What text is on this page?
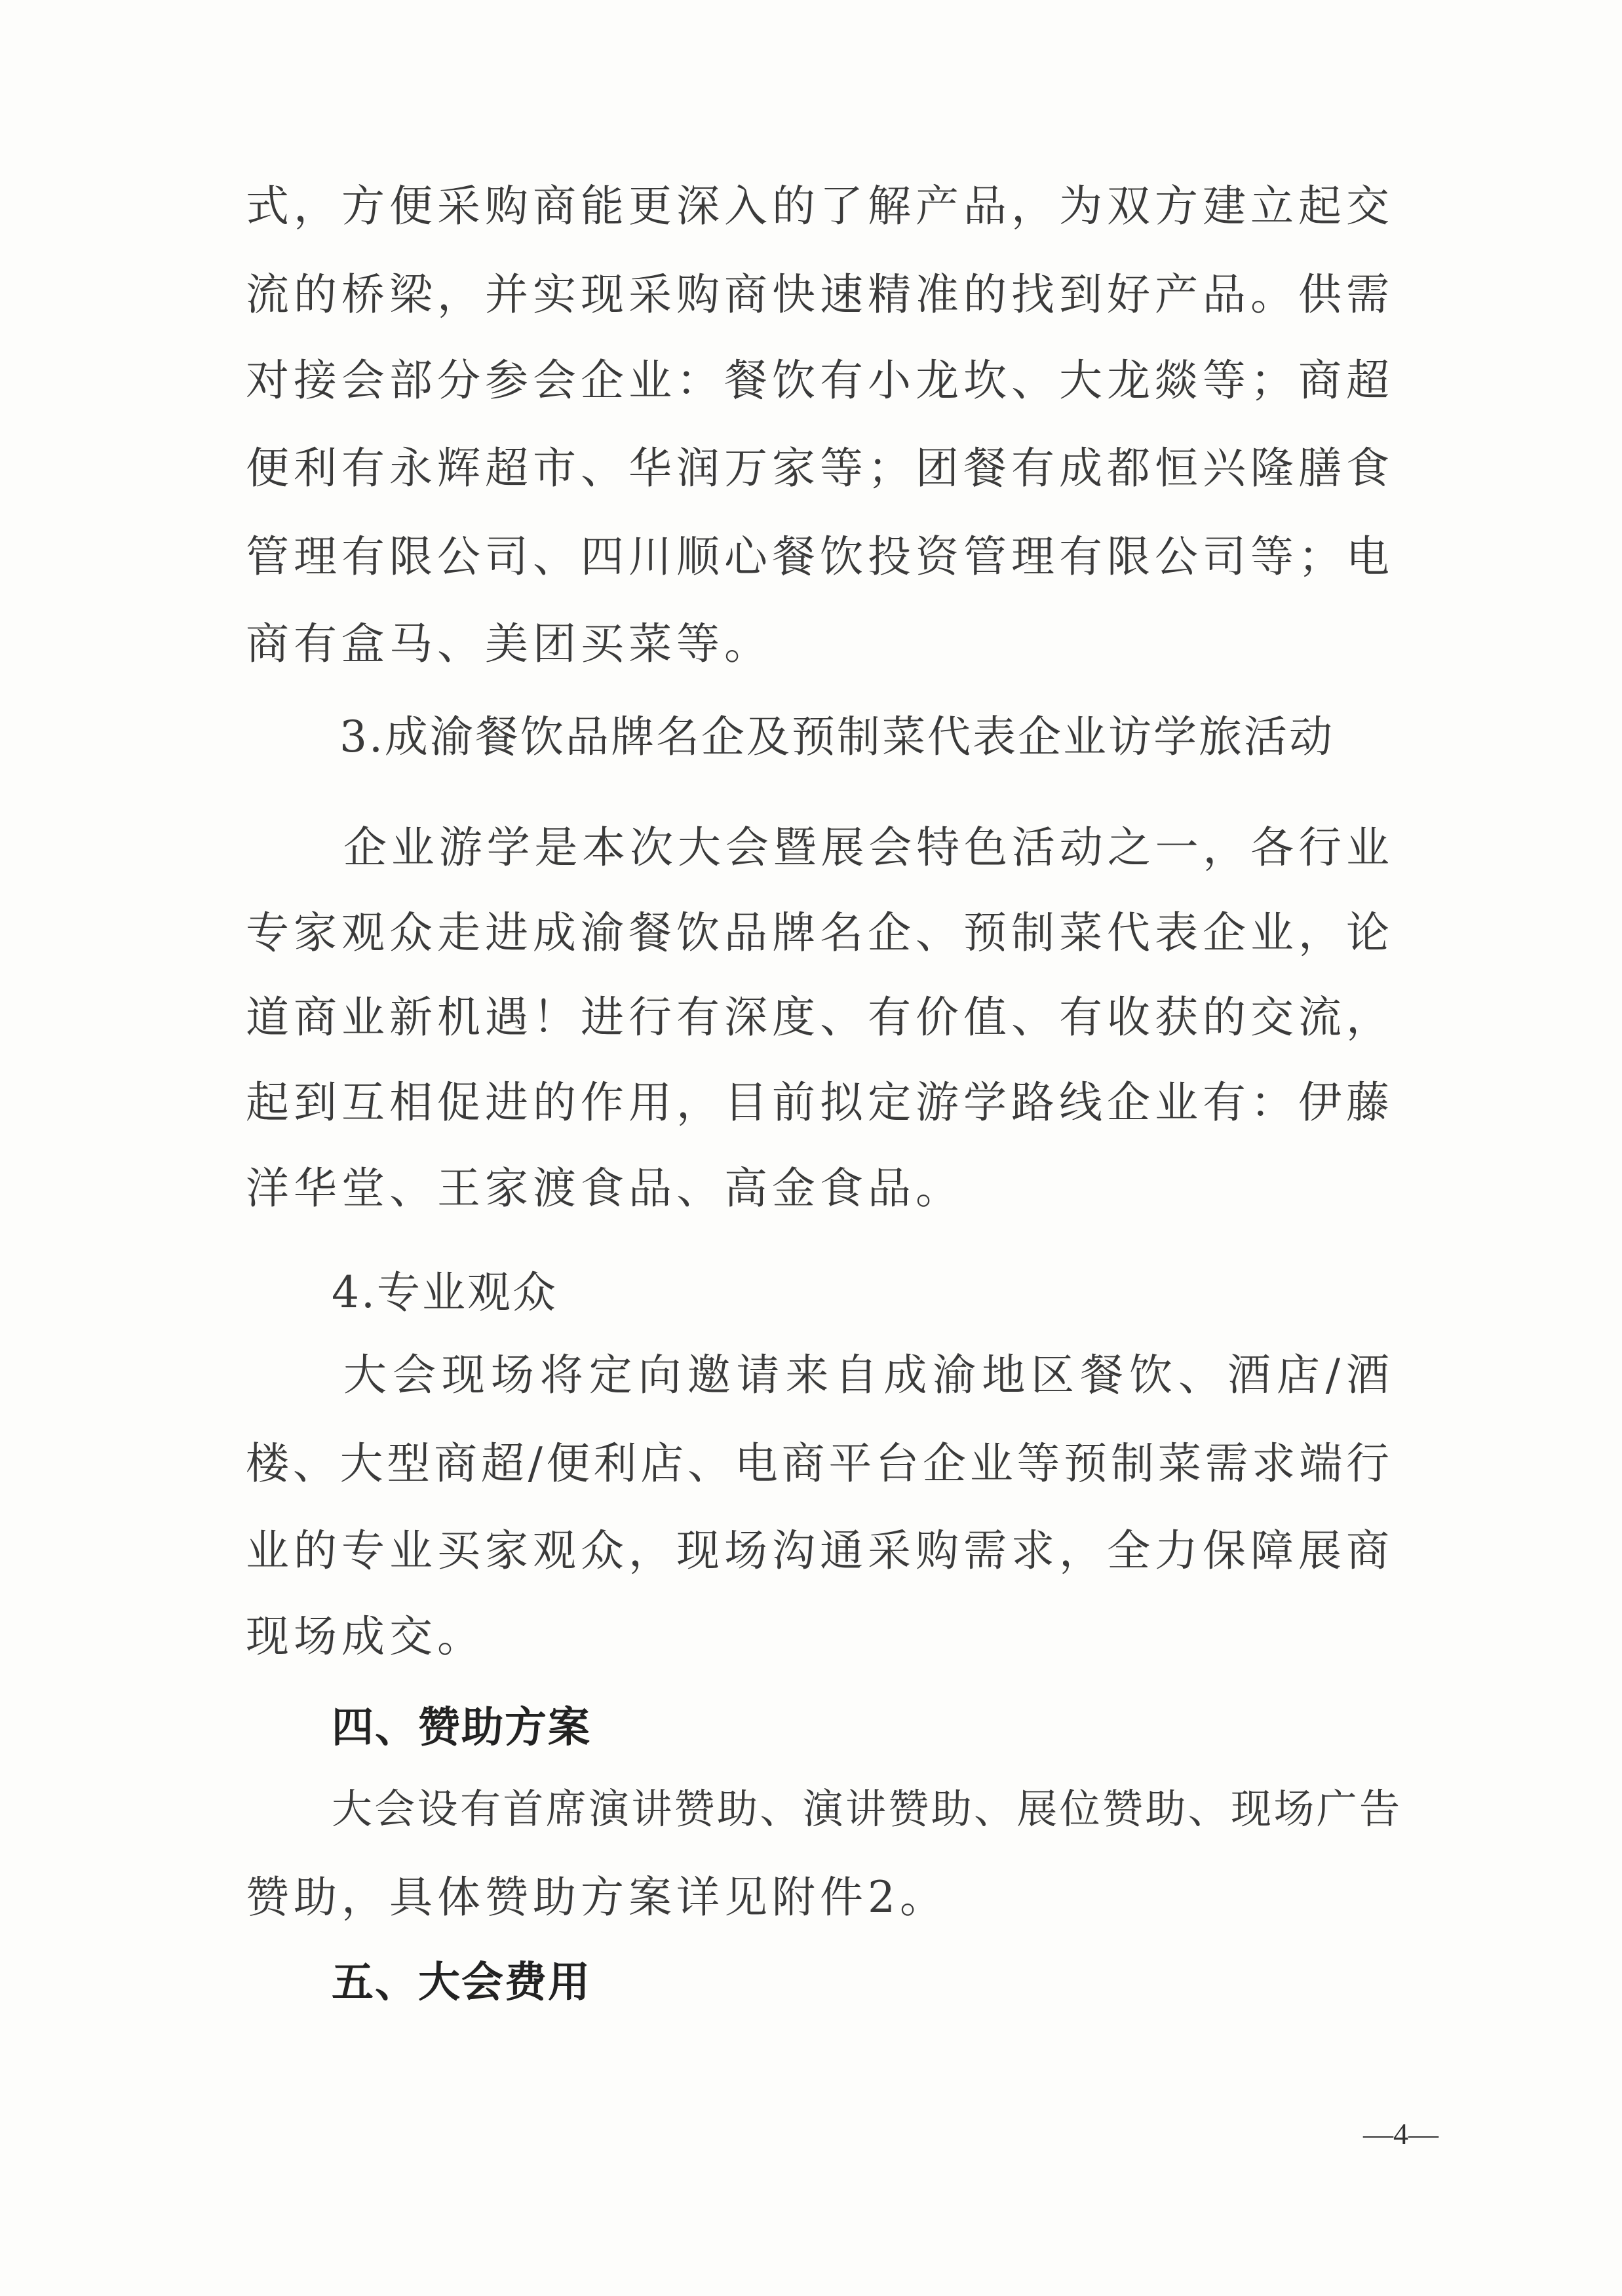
式，方便采购商能更深入的了解产品，为双方建立起交
流的桥梁，并实现采购商快速精准的找到好产品。供需
对接会部分参会企业：餐饮有小龙坎、大龙燚等；商超
便利有永辉超市、华润万家等；团餐有成都恒兴隆膳食
管理有限公司、四川顺心餐饮投资管理有限公司等；电
商有盒马、美团买菜等。
3.成渝餐饮品牌名企及预制菜代表企业访学旅活动
企业游学是本次大会暨展会特色活动之一，各行业
专家观众走进成渝餐饮品牌名企、预制菜代表企业，论
道商业新机遇！进行有深度、有价值、有收获的交流，
起到互相促进的作用，目前拟定游学路线企业有：伊藤
洋华堂、王家渡食品、高金食品。
4.专业观众
大会现场将定向邀请来自成渝地区餐饮、酒店/酒
楼、大型商超/便利店、电商平台企业等预制菜需求端行
业的专业买家观众，现场沟通采购需求，全力保障展商
现场成交。
四、赞助方案
大会设有首席演讲赞助、演讲赞助、展位赞助、现场广告
赞助，具体赞助方案详见附件2。
五、大会费用
—4—
